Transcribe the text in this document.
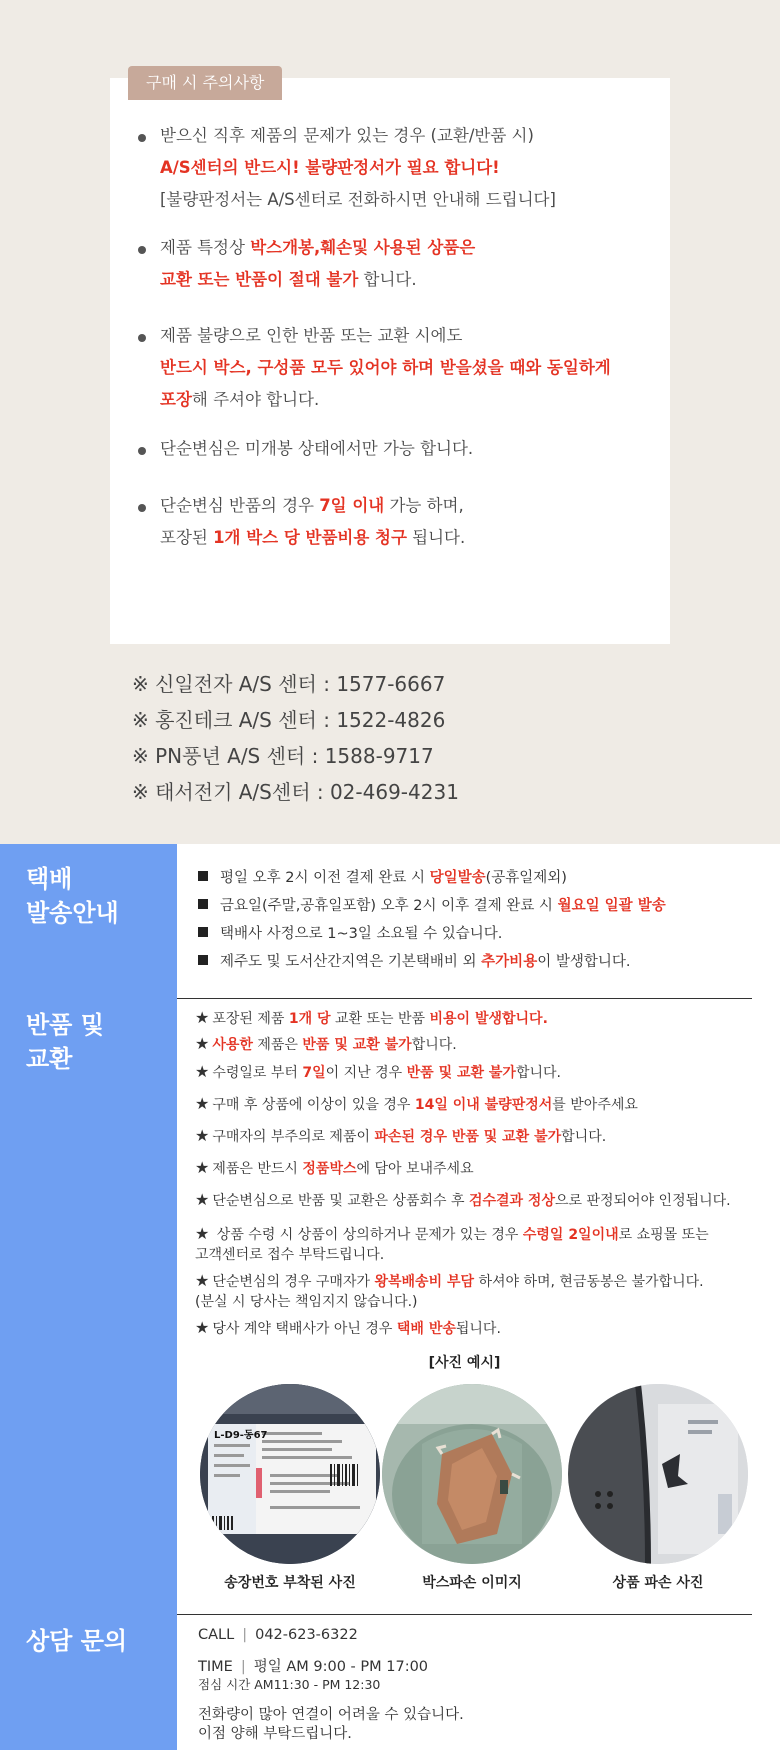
구매 시 주의사항
받으신 직후 제품의 문제가 있는 경우 (교환/반품 시)
A/S센터의 반드시! 불량판정서가 필요 합니다!
[불량판정서는 A/S센터로 전화하시면 안내해 드립니다]
제품 특정상 박스개봉,훼손및 사용된 상품은
교환 또는 반품이 절대 불가 합니다.
제품 불량으로 인한 반품 또는 교환 시에도
반드시 박스, 구성품 모두 있어야 하며 받을셨을 때와 동일하게
포장해 주셔야 합니다.
단순변심은 미개봉 상태에서만 가능 합니다.
단순변심 반품의 경우 7일 이내 가능 하며,
포장된 1개 박스 당 반품비용 청구 됩니다.
※ 신일전자 A/S 센터 : 1577-6667
※ 홍진테크 A/S 센터 : 1522-4826
※ PN풍년 A/S 센터 : 1588-9717
※ 태서전기 A/S센터 : 02-469-4231
택배
발송안내
평일 오후 2시 이전 결제 완료 시 당일발송(공휴일제외)
금요일(주말,공휴일포함) 오후 2시 이후 결제 완료 시 월요일 일괄 발송
택배사 사정으로 1~3일 소요될 수 있습니다.
제주도 및 도서산간지역은 기본택배비 외 추가비용이 발생합니다.
반품 및
교환
★ 포장된 제품 1개 당 교환 또는 반품 비용이 발생합니다.
★ 사용한 제품은 반품 및 교환 불가합니다.
★ 수령일로 부터 7일이 지난 경우 반품 및 교환 불가합니다.
★ 구매 후 상품에 이상이 있을 경우 14일 이내 불량판정서를 받아주세요
★ 구매자의 부주의로 제품이 파손된 경우 반품 및 교환 불가합니다.
★ 제품은 반드시 정품박스에 담아 보내주세요
★ 단순변심으로 반품 및 교환은 상품회수 후 검수결과 정상으로 판정되어야 인정됩니다.
★ 상품 수령 시 상품이 상의하거나 문제가 있는 경우 수령일 2일이내로 쇼핑몰 또는
고객센터로 접수 부탁드립니다.
★ 단순변심의 경우 구매자가 왕복배송비 부담 하셔야 하며, 현금동봉은 불가합니다.
(분실 시 당사는 책임지지 않습니다.)
★ 당사 계약 택배사가 아닌 경우 택배 반송됩니다.
[사진 예시]
L-D9-동67
송장번호 부착된 사진	박스파손 이미지	상품 파손 사진
상담 문의	CALL | 042-623-6322
TIME | 평일 AM 9:00 - PM 17:00
점심 시간 AM11:30 - PM 12:30
전화량이 많아 연결이 어려울 수 있습니다.
이점 양해 부탁드립니다.
